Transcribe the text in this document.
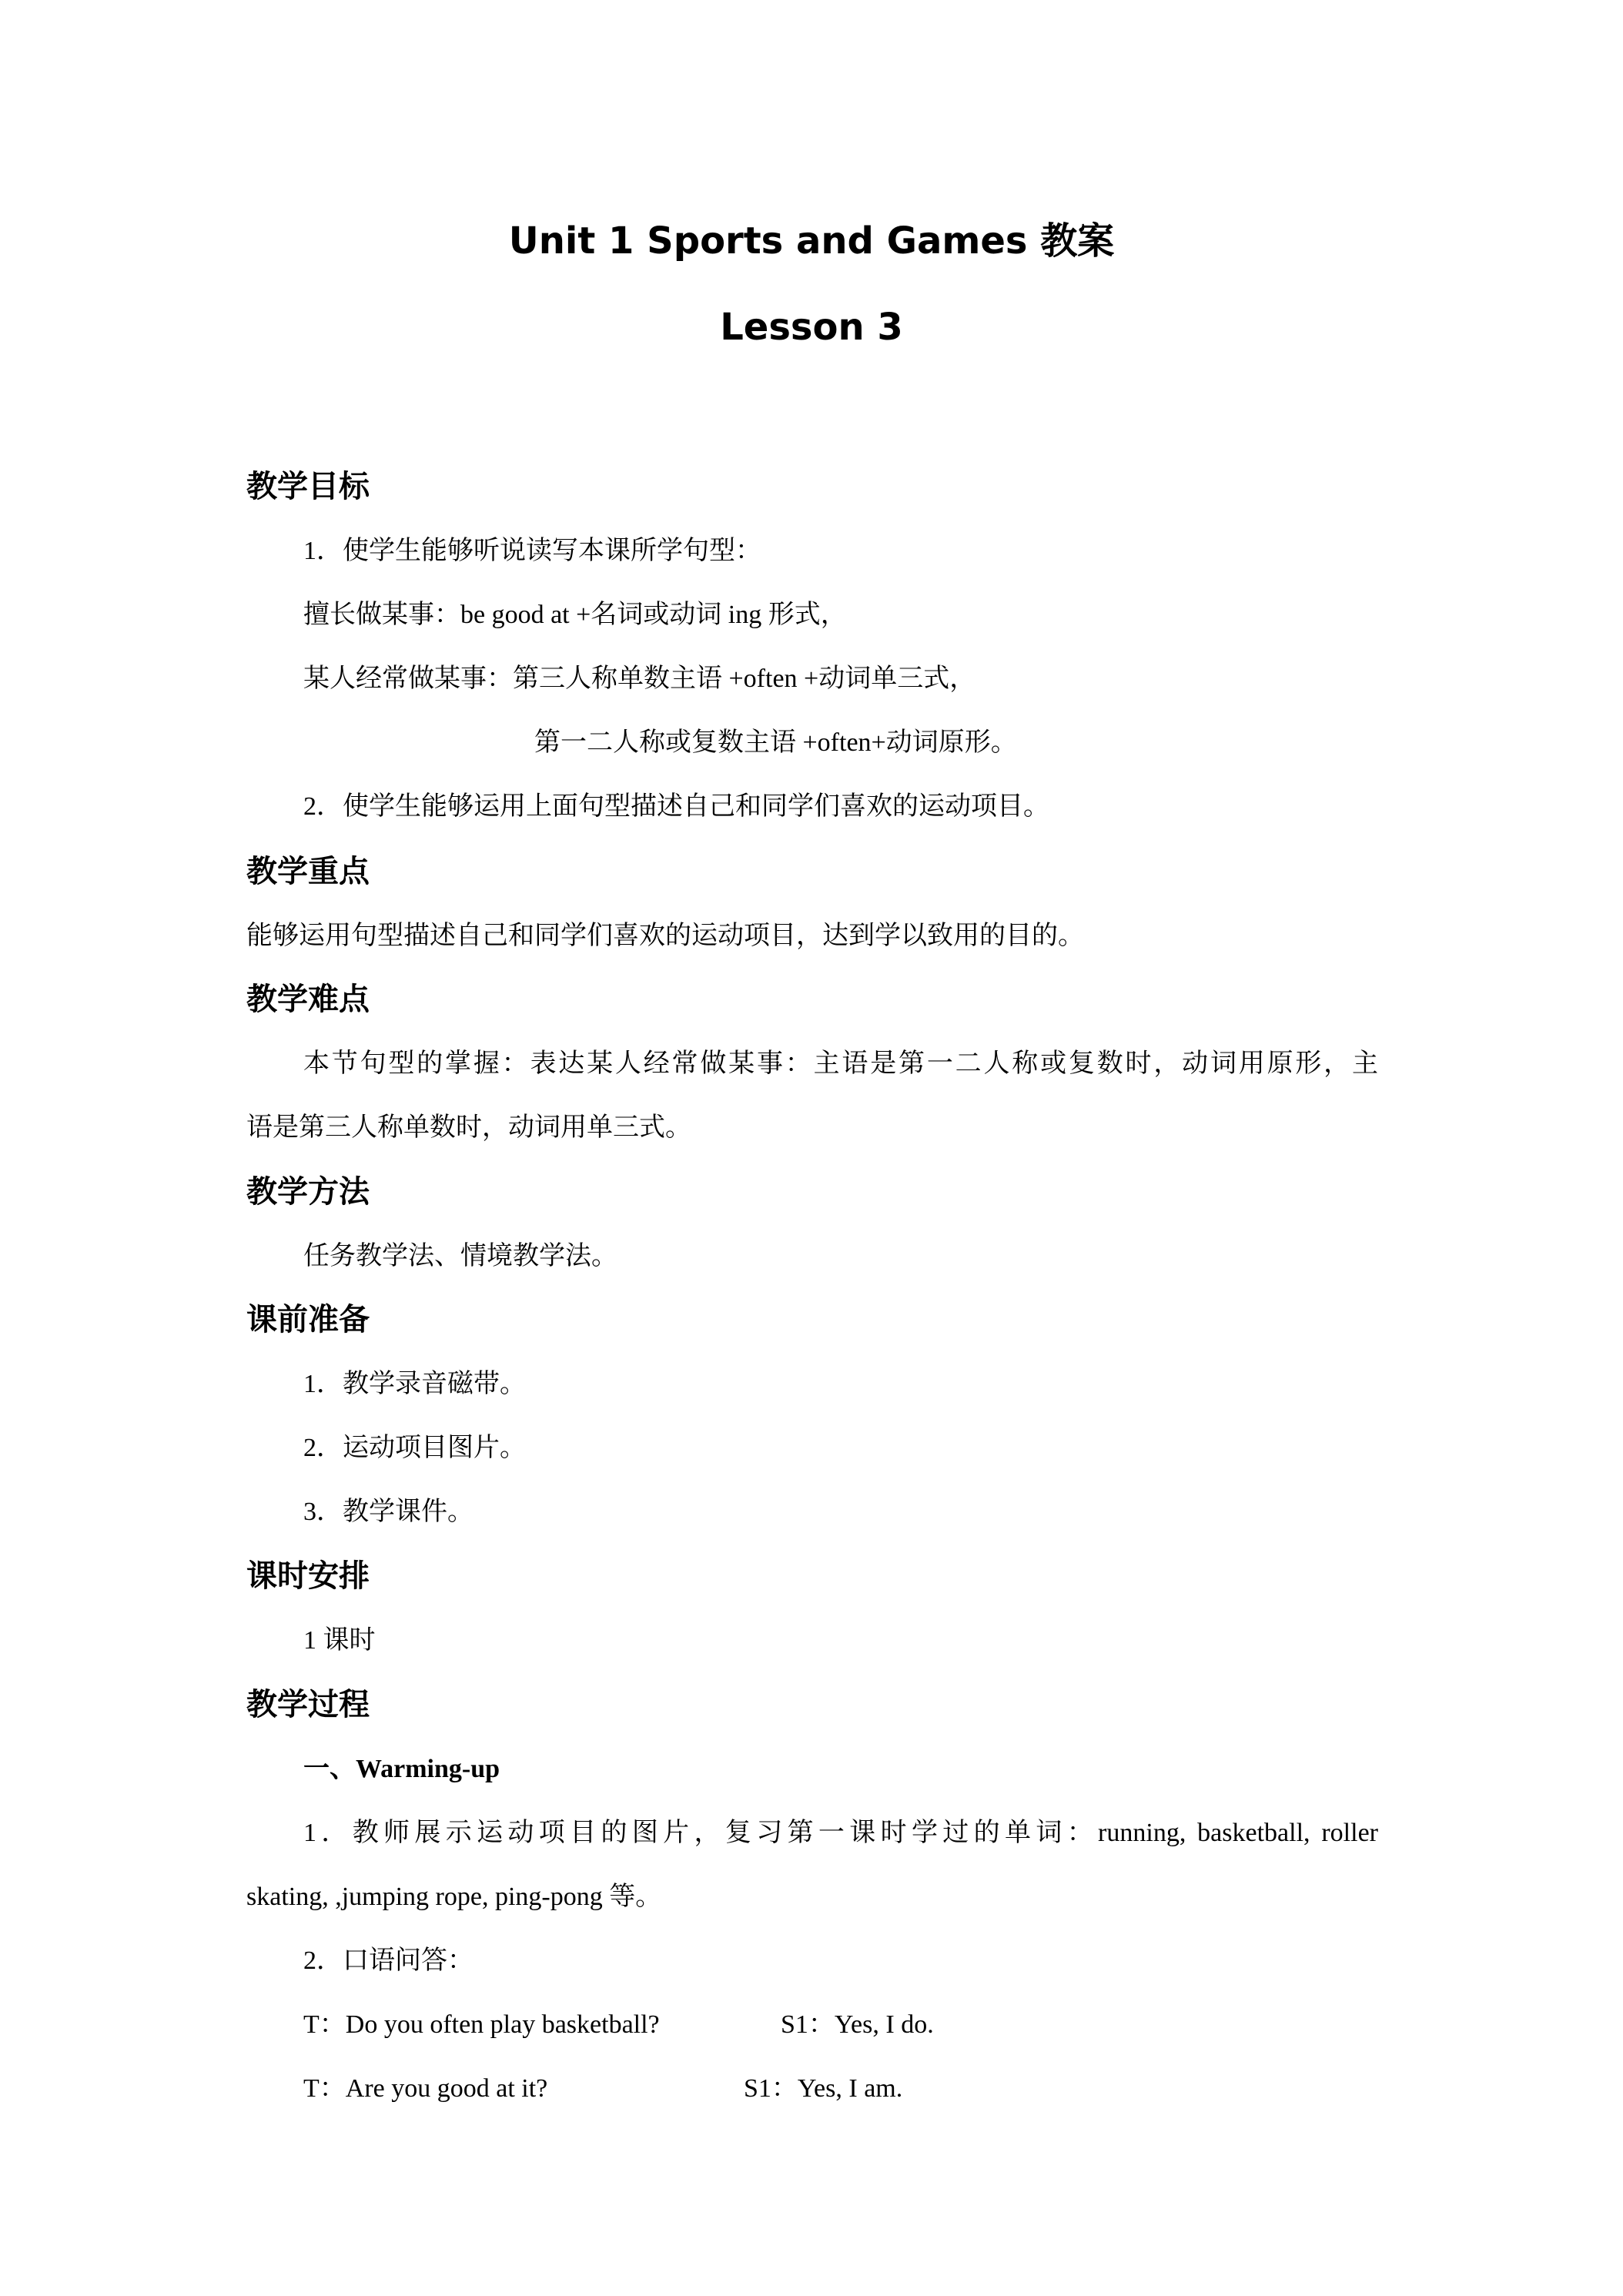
Unit 1 Sports and Games 教案
Lesson 3
教学目标
1．使学生能够听说读写本课所学句型：
擅长做某事：be good at +名词或动词 ing 形式，
某人经常做某事：第三人称单数主语 +often +动词单三式，
第一二人称或复数主语 +often+动词原形。
2．使学生能够运用上面句型描述自己和同学们喜欢的运动项目。
教学重点
能够运用句型描述自己和同学们喜欢的运动项目，达到学以致用的目的。
教学难点
本节句型的掌握：表达某人经常做某事：主语是第一二人称或复数时，动词用原形，主
语是第三人称单数时，动词用单三式。
教学方法
任务教学法、情境教学法。
课前准备
1．教学录音磁带。
2．运动项目图片。
3．教学课件。
课时安排
1 课时
教学过程
一、Warming-up
1．教师展示运动项目的图片，复习第一课时学过的单词：running, basketball, roller
skating, ,jumping rope, ping-pong 等。
2．口语问答：
T：Do you often play basketball?	S1：Yes, I do.
T：Are you good at it?	S1：Yes, I am.
